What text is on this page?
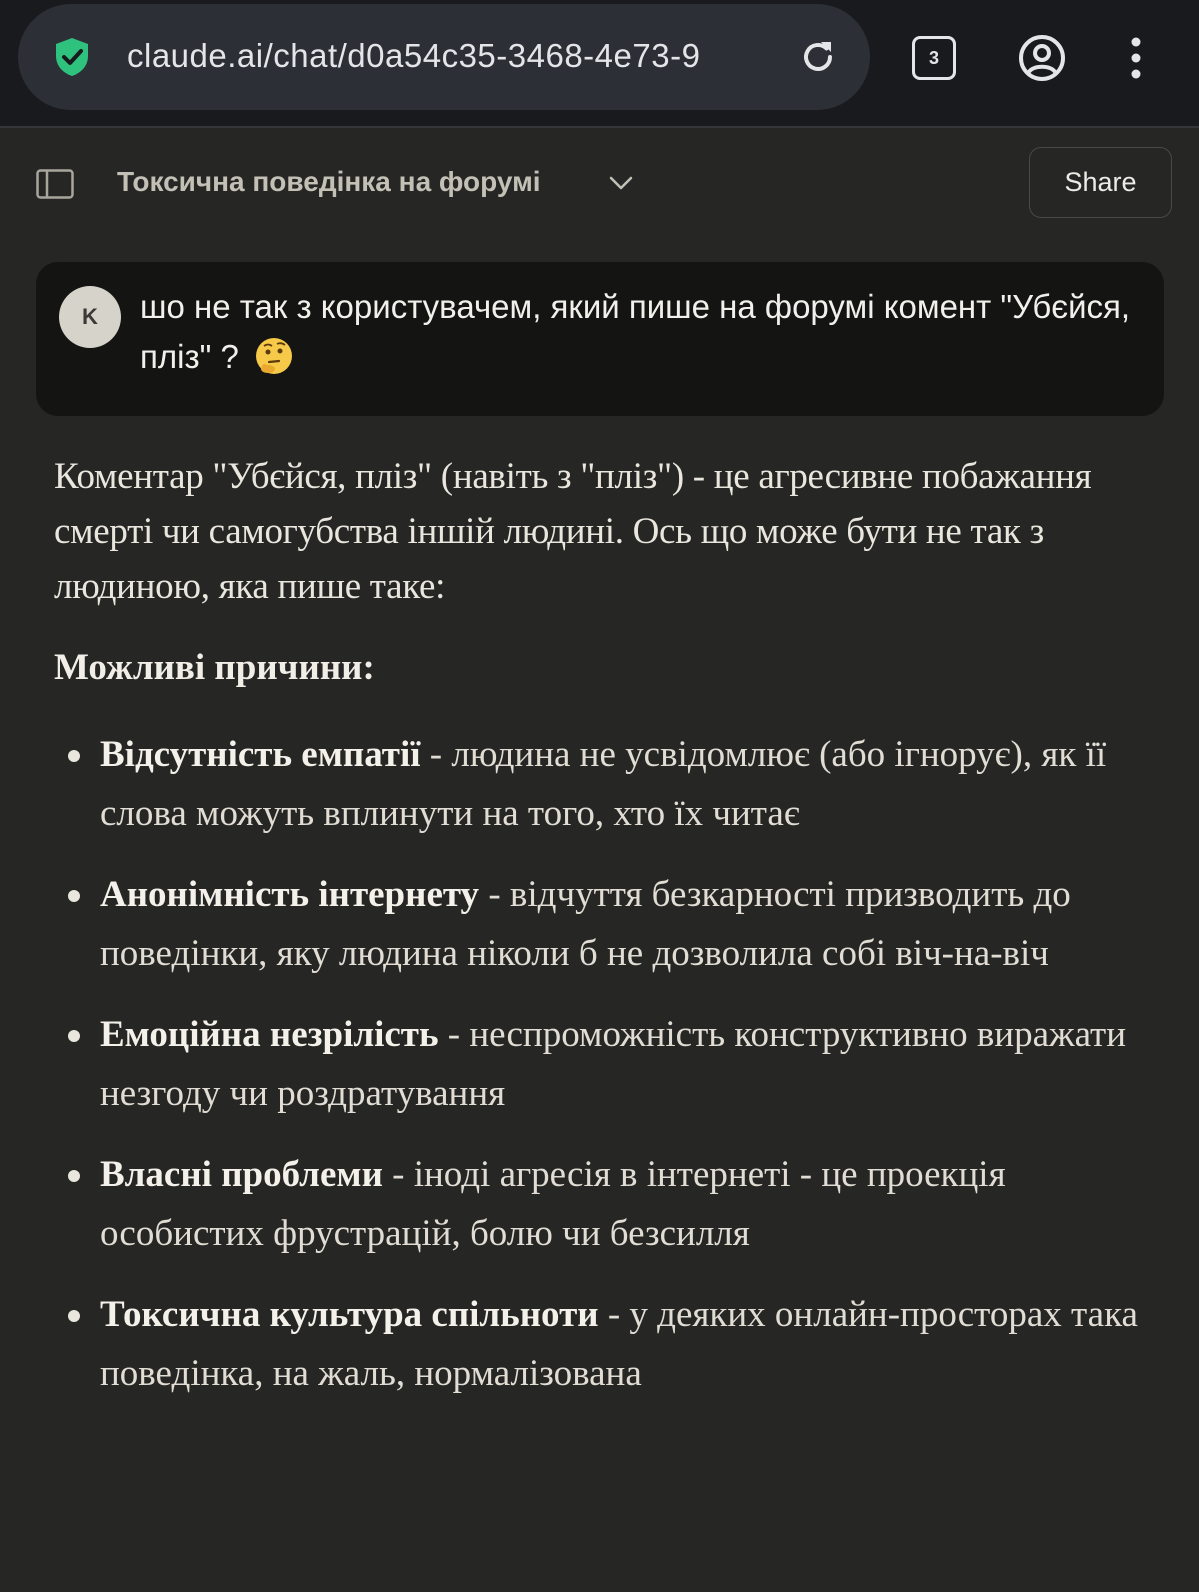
claude.ai/chat/d0a54c35-3468-4e73-9	3
Токсична поведінка на форумі	Share
K	шо не так з користувачем, який пише на форумі комент "Убєйся, пліз" ?

Коментар "Убєйся, пліз" (навіть з "пліз") - це агресивне побажання смерті чи самогубства іншій людині. Ось що може бути не так з людиною, яка пише таке:

Можливі причини:

Відсутність емпатії - людина не усвідомлює (або ігнорує), як її слова можуть вплинути на того, хто їх читає
Анонімність інтернету - відчуття безкарності призводить до поведінки, яку людина ніколи б не дозволила собі віч-на-віч
Емоційна незрілість - неспроможність конструктивно виражати незгоду чи роздратування
Власні проблеми - іноді агресія в інтернеті - це проекція особистих фрустрацій, болю чи безсилля
Токсична культура спільноти - у деяких онлайн-просторах така поведінка, на жаль, нормалізована
